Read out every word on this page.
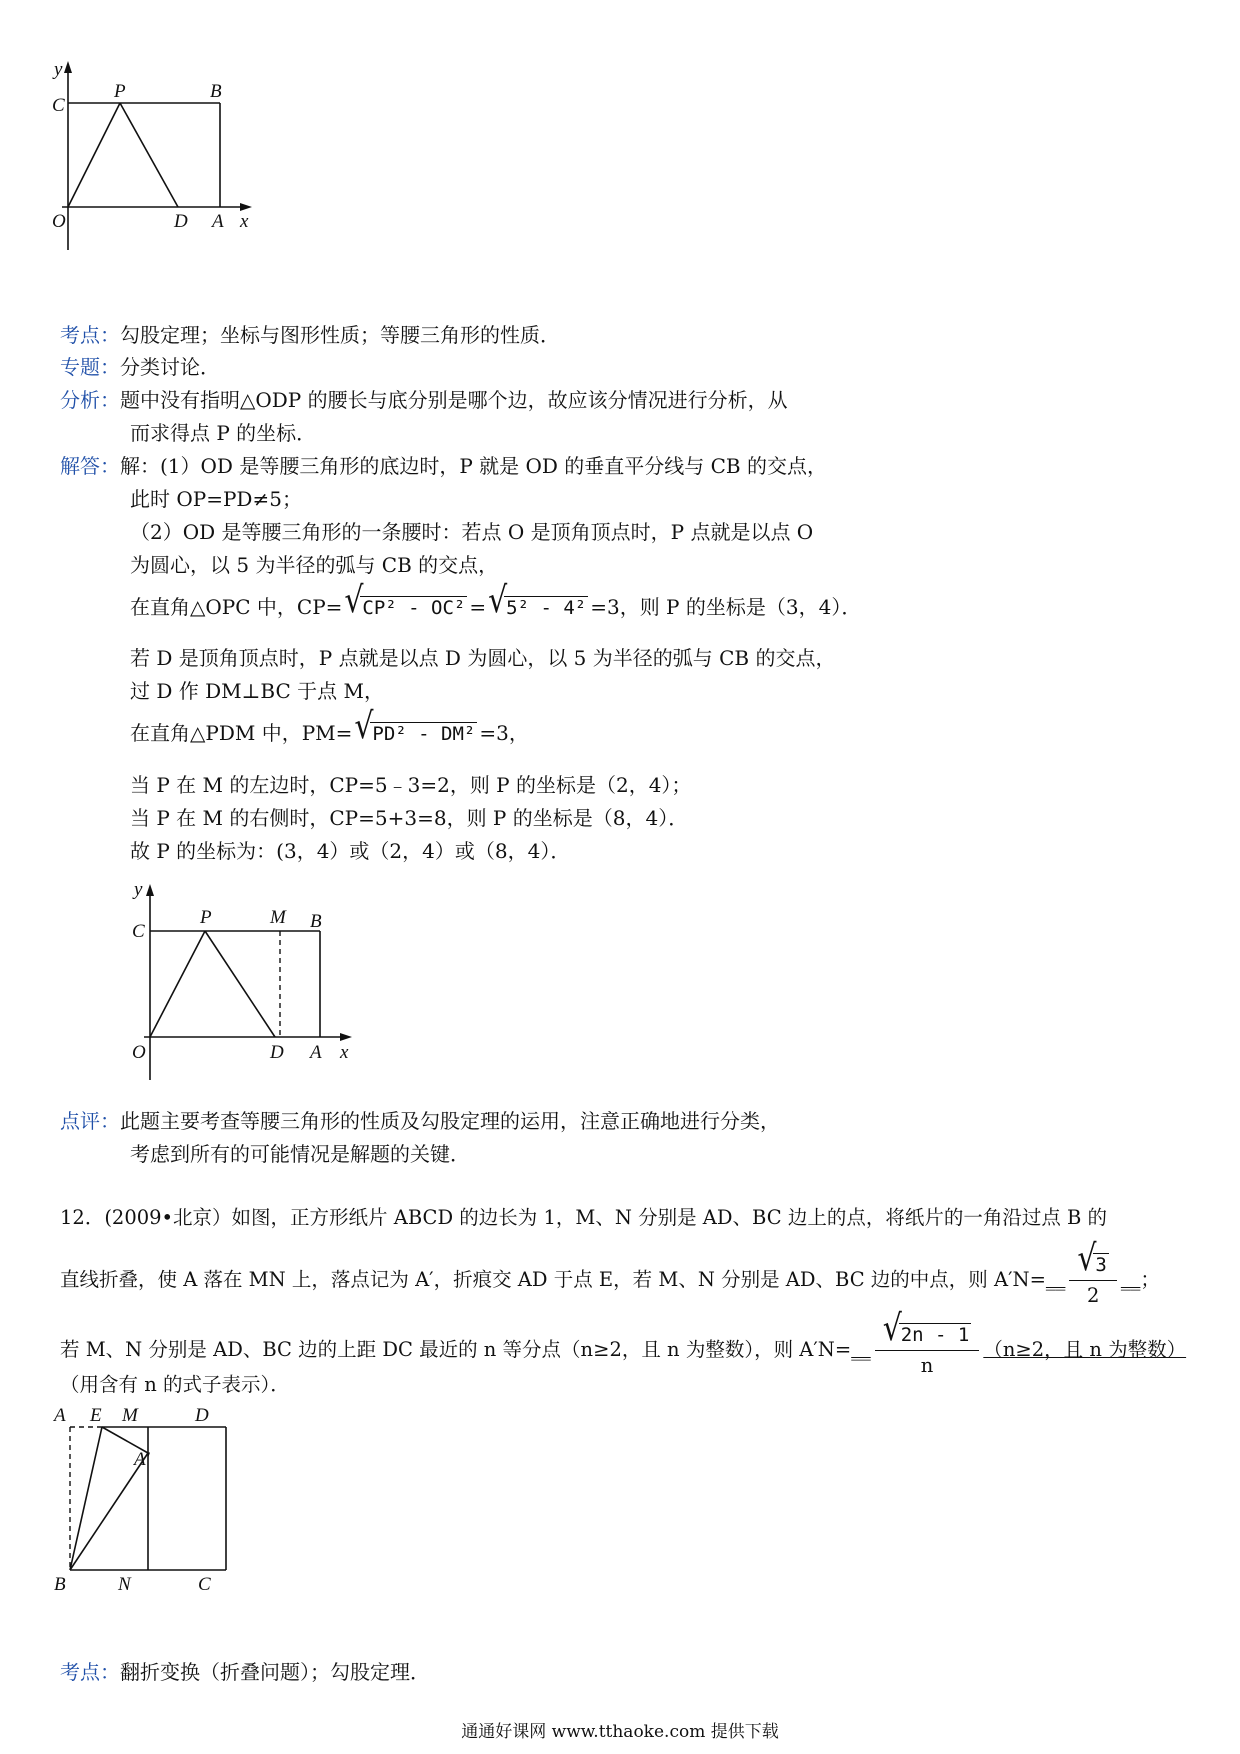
y
C
P	B
O	D A x
考点：勾股定理；坐标与图形性质；等腰三角形的性质．
专题：分类讨论．
分析：题中没有指明△ODP 的腰长与底分别是哪个边，故应该分情况进行分析，从
而求得点 P 的坐标．
解答：解：(1）OD 是等腰三角形的底边时，P 就是 OD 的垂直平分线与 CB 的交点，
此时 OP=PD≠5；
（2）OD 是等腰三角形的一条腰时：若点 O 是顶角顶点时，P 点就是以点 O
为圆心，以 5 为半径的弧与 CB 的交点，
在直角△OPC 中，CP= √ CP² - OC² = √ 5² - 4² =3，则 P 的坐标是（3，4）．
若 D 是顶角顶点时，P 点就是以点 D 为圆心，以 5 为半径的弧与 CB 的交点，
过 D 作 DM⊥BC 于点 M，
在直角△PDM 中，PM= √ PD² - DM² =3，
当 P 在 M 的左边时，CP=5﹣3=2，则 P 的坐标是（2，4）；
当 P 在 M 的右侧时，CP=5+3=8，则 P 的坐标是（8，4）．
故 P 的坐标为：(3，4）或（2，4）或（8，4）．
y
C
P	M B
O	D A x
点评：此题主要考查等腰三角形的性质及勾股定理的运用，注意正确地进行分类，
考虑到所有的可能情况是解题的关键．
12．(2009•北京）如图，正方形纸片 ABCD 的边长为 1，M、N 分别是 AD、BC 边上的点，将纸片的一角沿过点 B 的
直线折叠，使 A 落在 MN 上，落点记为 A′，折痕交 AD 于点 E，若 M、N 分别是 AD、BC 边的中点，则 A′N=__ √ $\frac{3}{2}$ __；
若 M、N 分别是 AD、BC 边的上距 DC 最近的 n 等分点（n≥2，且 n 为整数），则 A′N=__ √ $\frac{2n - 1}{n} (n\ge 2$，且 n 为整数）
（用含有 n 的式子表示）．
A E M	D
A′
B	N	C
考点：翻折变换（折叠问题）；勾股定理．
通通好课网 www.tthaoke.com 提供下载
